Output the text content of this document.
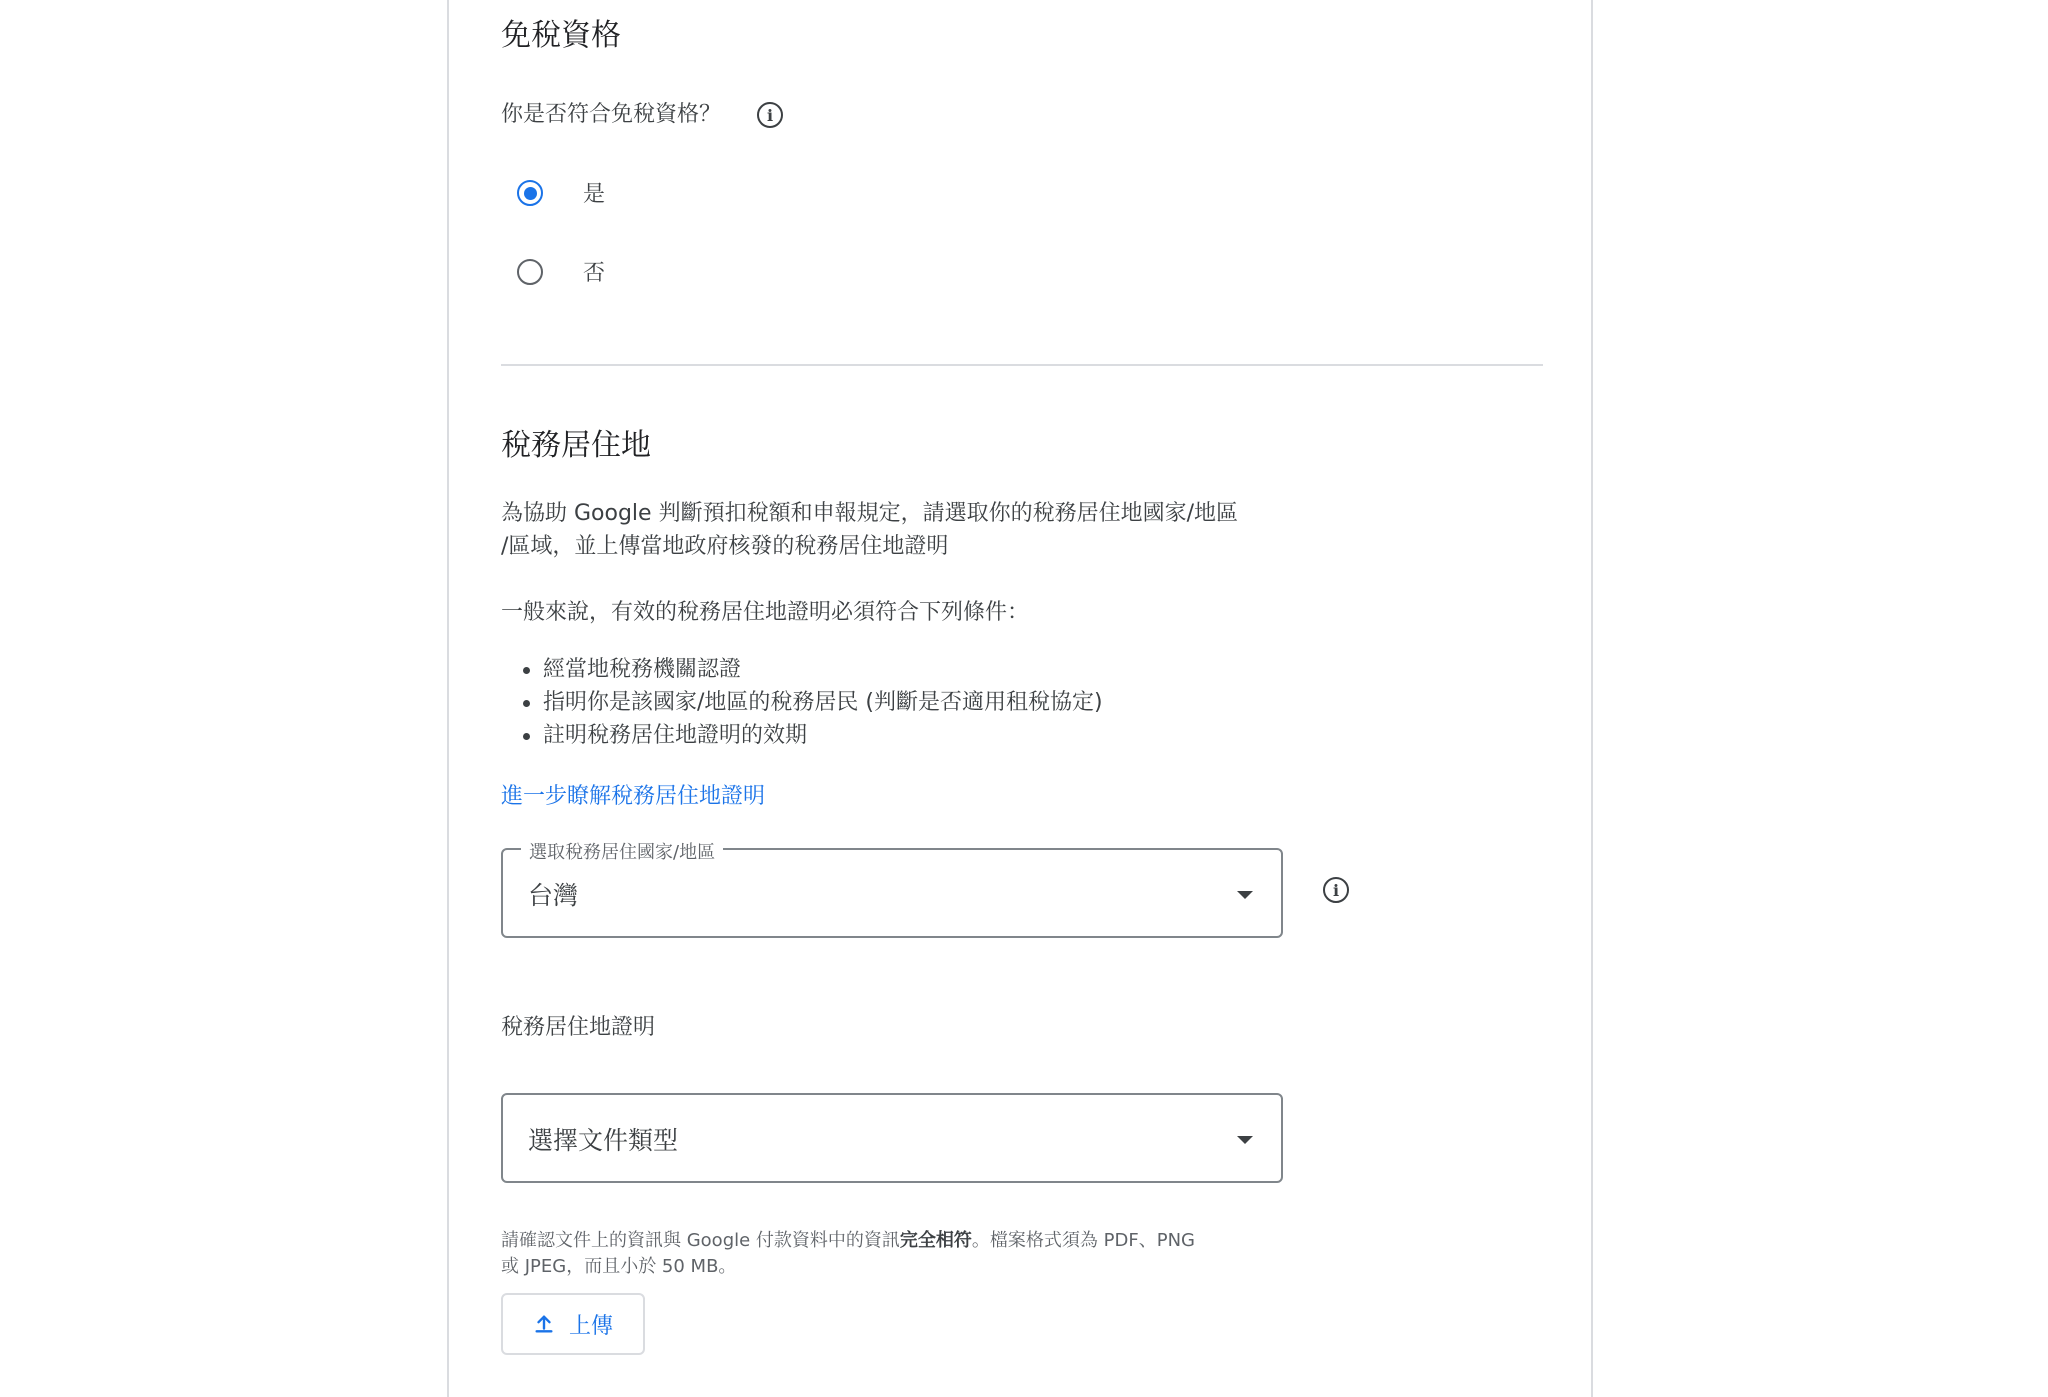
免稅資格
你是否符合免稅資格？	i
是
否
稅務居住地
為協助 Google 判斷預扣稅額和申報規定，請選取你的稅務居住地國家/地區
/區域，並上傳當地政府核發的稅務居住地證明
一般來說，有效的稅務居住地證明必須符合下列條件：
經當地稅務機關認證
指明你是該國家/地區的稅務居民 (判斷是否適用租稅協定)
註明稅務居住地證明的效期
進一步瞭解稅務居住地證明
選取稅務居住國家/地區
台灣	i
稅務居住地證明
選擇文件類型
請確認文件上的資訊與 Google 付款資料中的資訊完全相符。檔案格式須為 PDF、PNG
或 JPEG，而且小於 50 MB。
上傳
